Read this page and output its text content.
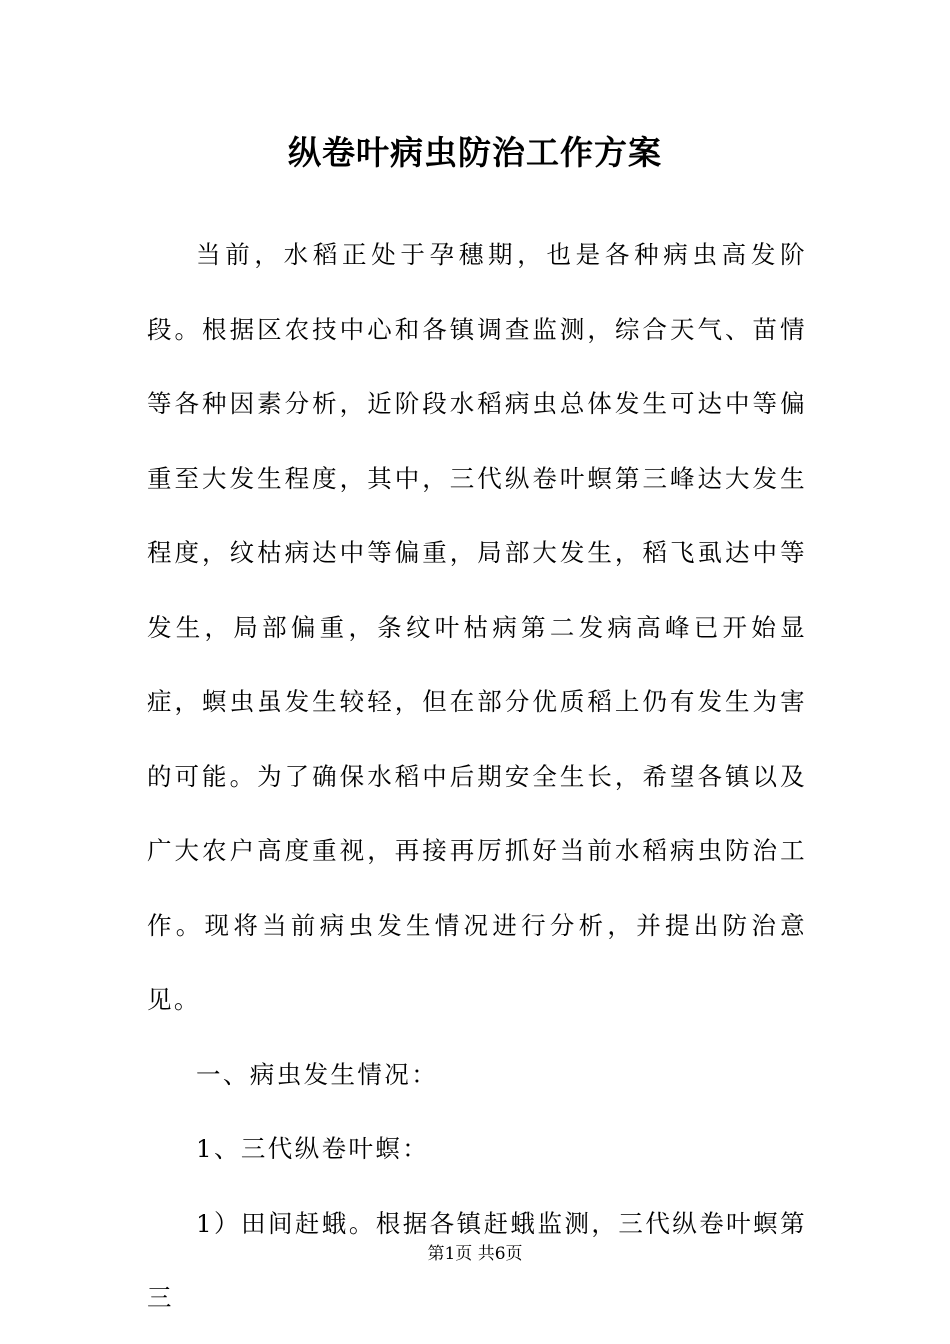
纵卷叶病虫防治工作方案

当前，水稻正处于孕穗期，也是各种病虫高发阶段。根据区农技中心和各镇调查监测，综合天气、苗情等各种因素分析，近阶段水稻病虫总体发生可达中等偏重至大发生程度，其中，三代纵卷叶螟第三峰达大发生程度，纹枯病达中等偏重，局部大发生，稻飞虱达中等发生，局部偏重，条纹叶枯病第二发病高峰已开始显症，螟虫虽发生较轻，但在部分优质稻上仍有发生为害的可能。为了确保水稻中后期安全生长，希望各镇以及广大农户高度重视，再接再厉抓好当前水稻病虫防治工作。现将当前病虫发生情况进行分析，并提出防治意见。

一、病虫发生情况：

1、三代纵卷叶螟：

1）田间赶蛾。根据各镇赶蛾监测，三代纵卷叶螟第三

第1页 共6页
